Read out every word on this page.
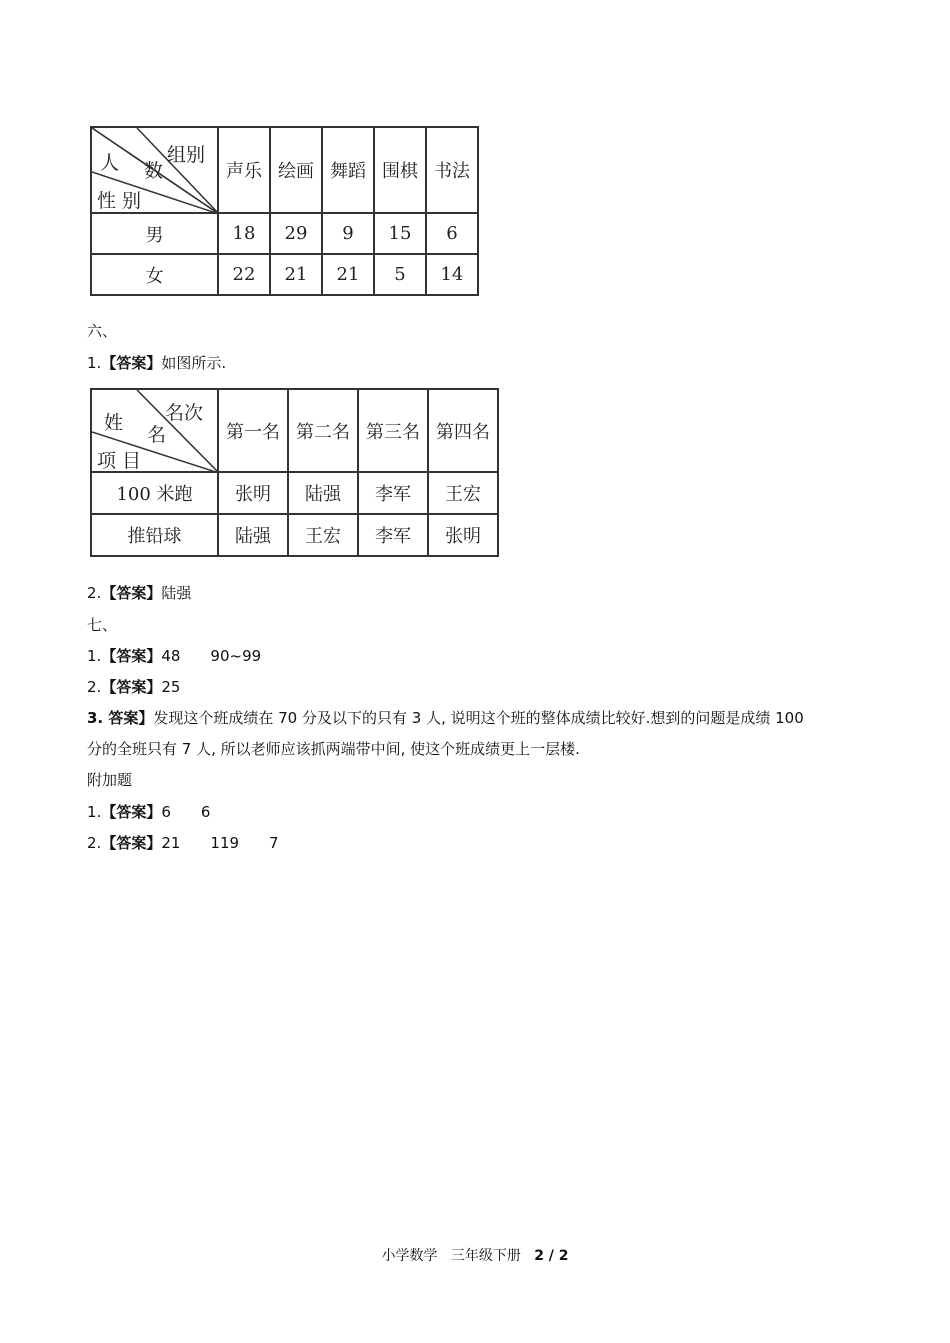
组别
数
人
性 别	声乐	绘画	舞蹈	围棋	书法
男	18	29	9	15	6
女	22	21	21	5	14
六、
1.【答案】如图所示.
名次
名
姓
项 目	第一名	第二名	第三名	第四名
100 米跑	张明	陆强	李军	王宏
推铅球	陆强	王宏	李军	张明
2.【答案】陆强
七、
1.【答案】48　　90~99
2.【答案】25
3. 答案】发现这个班成绩在 70 分及以下的只有 3 人, 说明这个班的整体成绩比较好.想到的问题是成绩 100
分的全班只有 7 人, 所以老师应该抓两端带中间, 使这个班成绩更上一层楼.
附加题
1.【答案】6　　6
2.【答案】21　　119　　7
小学数学 三年级下册 2 / 2
